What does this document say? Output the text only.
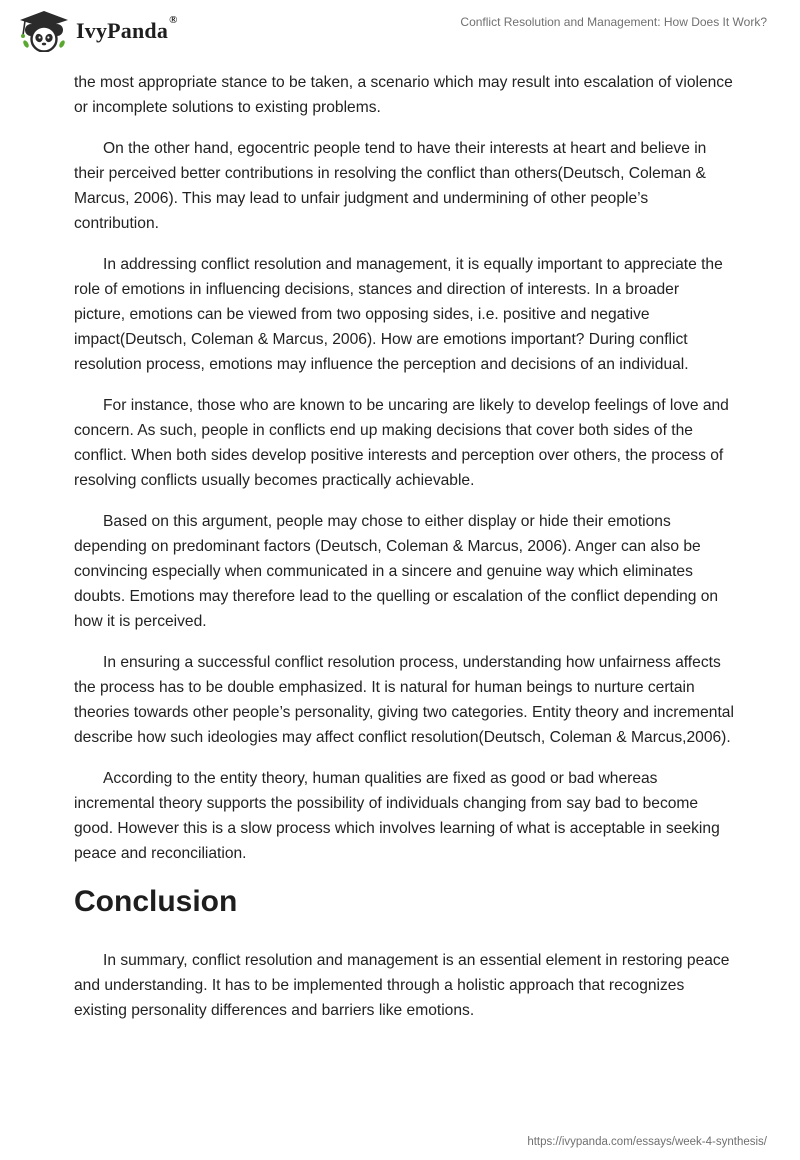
IvyPanda®	Conflict Resolution and Management: How Does It Work?

the most appropriate stance to be taken, a scenario which may result into escalation of violence or incomplete solutions to existing problems.

On the other hand, egocentric people tend to have their interests at heart and believe in their perceived better contributions in resolving the conflict than others(Deutsch, Coleman & Marcus, 2006). This may lead to unfair judgment and undermining of other people’s contribution.

In addressing conflict resolution and management, it is equally important to appreciate the role of emotions in influencing decisions, stances and direction of interests. In a broader picture, emotions can be viewed from two opposing sides, i.e. positive and negative impact(Deutsch, Coleman & Marcus, 2006). How are emotions important? During conflict resolution process, emotions may influence the perception and decisions of an individual.

For instance, those who are known to be uncaring are likely to develop feelings of love and concern. As such, people in conflicts end up making decisions that cover both sides of the conflict. When both sides develop positive interests and perception over others, the process of resolving conflicts usually becomes practically achievable.

Based on this argument, people may chose to either display or hide their emotions depending on predominant factors (Deutsch, Coleman & Marcus, 2006). Anger can also be convincing especially when communicated in a sincere and genuine way which eliminates doubts. Emotions may therefore lead to the quelling or escalation of the conflict depending on how it is perceived.

In ensuring a successful conflict resolution process, understanding how unfairness affects the process has to be double emphasized. It is natural for human beings to nurture certain theories towards other people’s personality, giving two categories. Entity theory and incremental describe how such ideologies may affect conflict resolution(Deutsch, Coleman & Marcus,2006).

According to the entity theory, human qualities are fixed as good or bad whereas incremental theory supports the possibility of individuals changing from say bad to become good. However this is a slow process which involves learning of what is acceptable in seeking peace and reconciliation.

Conclusion

In summary, conflict resolution and management is an essential element in restoring peace and understanding. It has to be implemented through a holistic approach that recognizes existing personality differences and barriers like emotions.

https://ivypanda.com/essays/week-4-synthesis/
